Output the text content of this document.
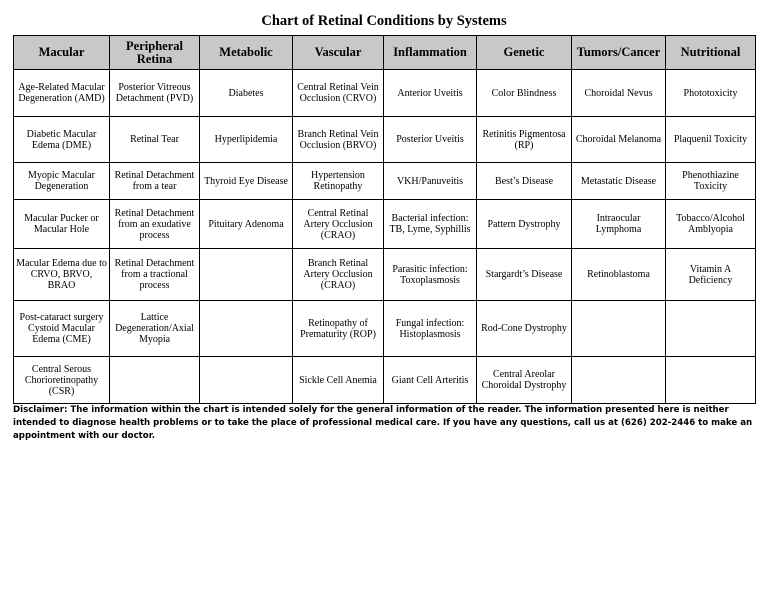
Chart of Retinal Conditions by Systems
Macular	Peripheral Retina	Metabolic	Vascular	Inflammation	Genetic	Tumors/Cancer	Nutritional
Age-Related Macular Degeneration (AMD)	Posterior Vitreous Detachment (PVD)	Diabetes	Central Retinal Vein Occlusion (CRVO)	Anterior Uveitis	Color Blindness	Choroidal Nevus	Phototoxicity
Diabetic Macular Edema (DME)	Retinal Tear	Hyperlipidemia	Branch Retinal Vein Occlusion (BRVO)	Posterior Uveitis	Retinitis Pigmentosa (RP)	Choroidal Melanoma	Plaquenil Toxicity
Myopic Macular Degeneration	Retinal Detachment from a tear	Thyroid Eye Disease	Hypertension Retinopathy	VKH/Panuveitis	Best’s Disease	Metastatic Disease	Phenothiazine Toxicity
Macular Pucker or Macular Hole	Retinal Detachment from an exudative process	Pituitary Adenoma	Central Retinal Artery Occlusion (CRAO)	Bacterial infection: TB, Lyme, Syphillis	Pattern Dystrophy	Intraocular Lymphoma	Tobacco/Alcohol Amblyopia
Macular Edema due to CRVO, BRVO, BRAO	Retinal Detachment from a tractional process		Branch Retinal Artery Occlusion (CRAO)	Parasitic infection: Toxoplasmosis	Stargardt’s Disease	Retinoblastoma	Vitamin A Deficiency
Post-cataract surgery Cystoid Macular Edema (CME)	Lattice Degeneration/Axial Myopia		Retinopathy of Prematurity (ROP)	Fungal infection: Histoplasmosis	Rod-Cone Dystrophy		
Central Serous Chorioretinopathy (CSR)			Sickle Cell Anemia	Giant Cell Arteritis	Central Areolar Choroidal Dystrophy		
Disclaimer: The information within the chart is intended solely for the general information of the reader. The information presented here is neither intended to diagnose health problems or to take the place of professional medical care. If you have any questions, call us at (626) 202-2446 to make an appointment with our doctor.
